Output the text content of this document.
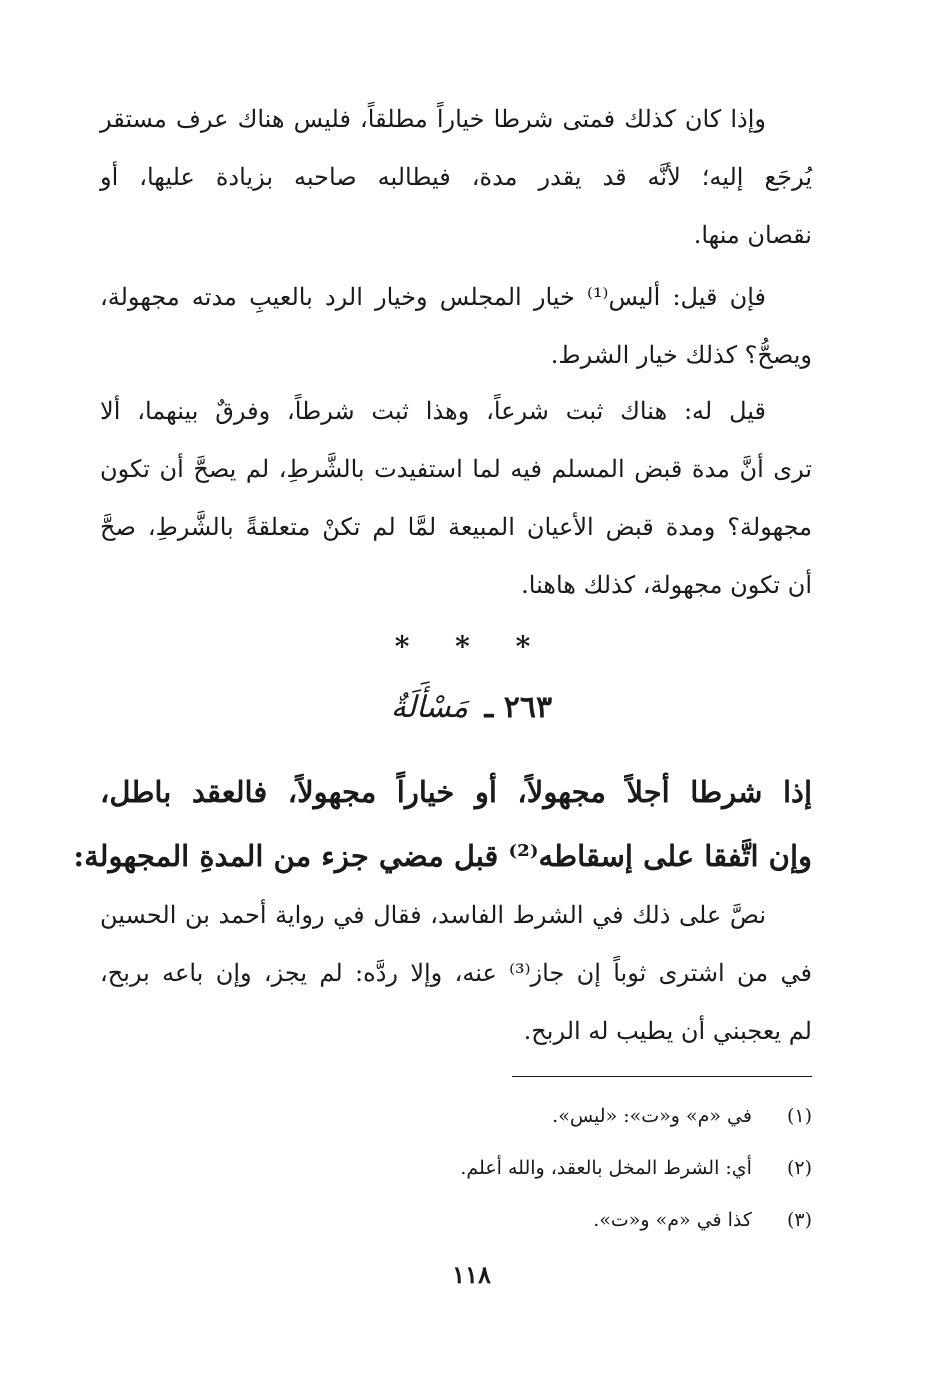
وإذا كان كذلك فمتى شرطا خياراً مطلقاً، فليس هناك عرف مستقر
يُرجَع إليه؛ لأنَّه قد يقدر مدة، فيطالبه صاحبه بزيادة عليها، أو
نقصان منها.
فإن قيل: أليس⁽¹⁾ خيار المجلس وخيار الرد بالعيبِ مدته مجهولة،
ويصحُّ؟ كذلك خيار الشرط.
قيل له: هناك ثبت شرعاً، وهذا ثبت شرطاً، وفرقٌ بينهما، ألا
ترى أنَّ مدة قبض المسلم فيه لما استفيدت بالشَّرطِ، لم يصحَّ أن تكون
مجهولة؟ ومدة قبض الأعيان المبيعة لمَّا لم تكنْ متعلقةً بالشَّرطِ، صحَّ
أن تكون مجهولة، كذلك هاهنا.
* * *
٢٦٣ ـ مَسْأَلَةٌ
إذا شرطا أجلاً مجهولاً، أو خياراً مجهولاً، فالعقد باطل،
وإن اتَّفقا على إسقاطه⁽²⁾ قبل مضي جزء من المدةِ المجهولة:
نصَّ على ذلك في الشرط الفاسد، فقال في رواية أحمد بن الحسين
في من اشترى ثوباً إن جاز⁽³⁾ عنه، وإلا ردَّه: لم يجز، وإن باعه بربح،
لم يعجبني أن يطيب له الربح.
(١) في «م» و«ت»: «ليس».
(٢) أي: الشرط المخل بالعقد، والله أعلم.
(٣) كذا في «م» و«ت».
١١٨
